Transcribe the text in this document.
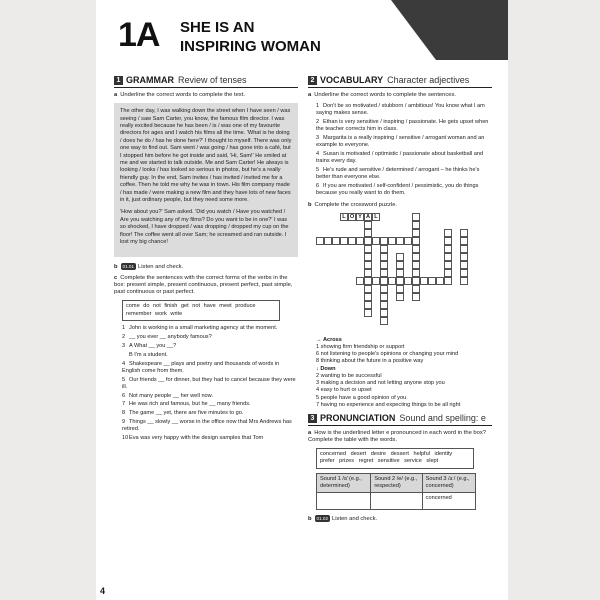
1A SHE IS AN INSPIRING WOMAN
1 GRAMMAR Review of tenses
a Underline the correct words to complete the text.

The other day, I was walking down the street when I have seen / was seeing / saw Sam Carter, you know, the famous film director. I was really excited because he has been / is / was one of my favourite directors for ages and I watch his films all the time. 'What is he doing / does he do / has he done here?' I thought to myself. There was only one way to find out. Sam went / was going / has gone into a café, but I stopped him before he got inside and said, 'Hi, Sam!' He smiled at me and we started to talk outside. Me and Sam Carter! He always is looking / looks / has looked so serious in photos, but he's a really friendly guy. In the end, Sam invites / has invited / invited me for a coffee. Then he told me why he was in town. His film company made / has made / were making a new film and they have lots of new faces in it, just ordinary people, but they need some more.

'How about you?' Sam asked. 'Did you watch / Have you watched / Are you watching any of my films? Do you want to be in one?' I was so shocked, I have dropped / was dropping / dropped my cup on the floor! The coffee went all over Sam; he screamed and ran outside. I lost my big chance!

b 01.01 Listen and check.
c Complete the sentences with the correct forms of the verbs in the box: present simple, present continuous, present perfect, past simple, past continuous or past perfect.
come do not finish get not have meet produce remember work write
1 John is working in a small marketing agency at the moment.
2 __ you ever __ anybody famous?
3 A What __ you __?
B I'm a student.
4 Shakespeare __ plays and poetry and thousands of words in English come from them.
5 Our friends __ for dinner, but they had to cancel because they were ill.
6 Not many people __ her well now.
7 He was rich and famous, but he __ many friends.
8 The game __ yet, there are five minutes to go.
9 Things __ slowly __ worse in the office now that Mrs Andrews has retired.
10Eva was very happy with the design samples that Tom
2 VOCABULARY Character adjectives
a Underline the correct words to complete the sentences.
1 Don't be so motivated / stubborn / ambitious! You know what I am saying makes sense.
2 Ethan is very sensitive / inspiring / passionate. He gets upset when the teacher corrects him in class.
3 Margarita is a really inspiring / sensitive / arrogant woman and an example to everyone.
4 Susan is motivated / optimistic / passionate about basketball and trains every day.
5 He's rude and sensitive / determined / arrogant – he thinks he's better than everyone else.
6 If you are motivated / self-confident / pessimistic, you do things because you really want to do them.
b Complete the crossword puzzle.
L O Y A L
→ Across
1 showing firm friendship or support
6 not listening to people's opinions or changing your mind
8 thinking about the future in a positive way
↓ Down
2 wanting to be successful
3 making a decision and not letting anyone stop you
4 easy to hurt or upset
5 people have a good opinion of you
7 having no experience and expecting things to be all right
3 PRONUNCIATION Sound and spelling: e
a How is the underlined letter e pronounced in each word in the box? Complete the table with the words.
concerned desert desire dessert helpful identity prefer prizes regret sensitive service slept
Sound 1 /ɪ/ (e.g., determined)	Sound 2 /e/ (e.g., respected)	Sound 3 /ɜː/ (e.g., concerned)
		concerned
b 01.02 Listen and check.
4
